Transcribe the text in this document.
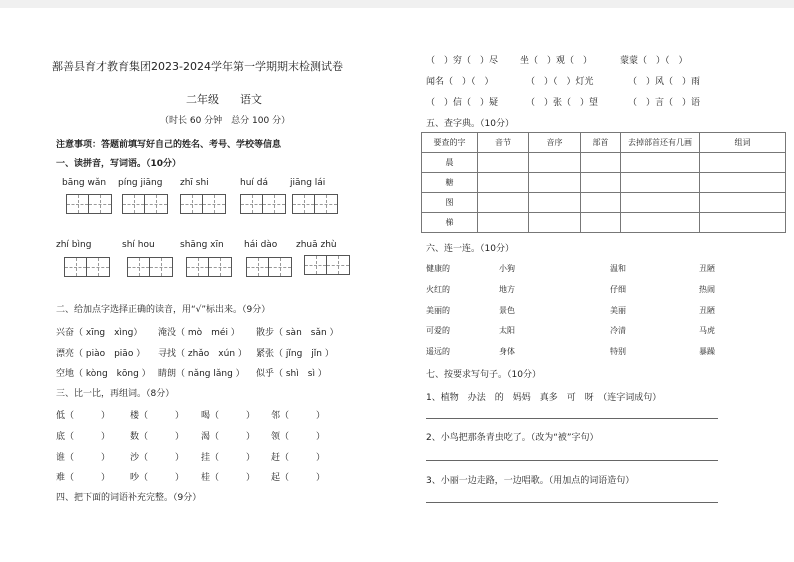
鄯善县育才教育集团2023-2024学年第一学期期末检测试卷
二年级 语文
（时长 60 分钟　总分 100 分）
注意事项：答题前填写好自己的姓名、考号、学校等信息
一、读拼音，写词语。（10分）
bāng wǎn píng jiāng zhī shi	huí dá jiāng lái
zhí bìng	shí hou	shāng xīn hái dào zhuā zhù
二、给加点字选择正确的读音，用“√”标出来。（9分）
兴奋（ xīng　xìng） 淹没（ mò　méi ） 散步（ sàn　sǎn ）
漂亮（ piào　piāo ） 寻找（ zhǎo　xún ） 紧张（ jǐng　jǐn ）
空地（ kòng　kōng ） 睛朗（ nǎng lǎng ） 似乎（ shì　sì ）
三、比一比，再组词。（8分）
低（　　　） 楼（　　　） 喝（　　　） 邻（　　　）
底（　　　） 数（　　　） 渴（　　　） 领（　　　）
谁（　　　） 沙（　　　） 挂（　　　） 赶（　　　）
难（　　　） 吵（　　　） 桂（　　　） 起（　　　）
四、把下面的词语补充完整。（9分）
（　）穷（　）尽 坐（　）观（　）	蒙蒙（　）（　）
闻名（　）（　）	（　）（　）灯光	（　）风（　）雨
（　）信（　）疑	（　）张（　）望	（　）言（　）语
五、查字典。（10分）
要查的字	音节	音序	部首	去掉部首还有几画	组词
晨					
糖					
图					
梯					
六、连一连。（10分）
健康的	小狗	温和	丑陋
火红的	地方	仔细	热闹
美丽的	景色	美丽	丑陋
可爱的	太阳	冷清	马虎
遥远的	身体	特别	暴躁
七、按要求写句子。（10分）
1、植物　办法　的　妈妈　真多　可　呀　（连字词成句）
2、小鸟把那条青虫吃了。（改为“被”字句）
3、小丽一边走路，一边唱歌。（用加点的词语造句）
